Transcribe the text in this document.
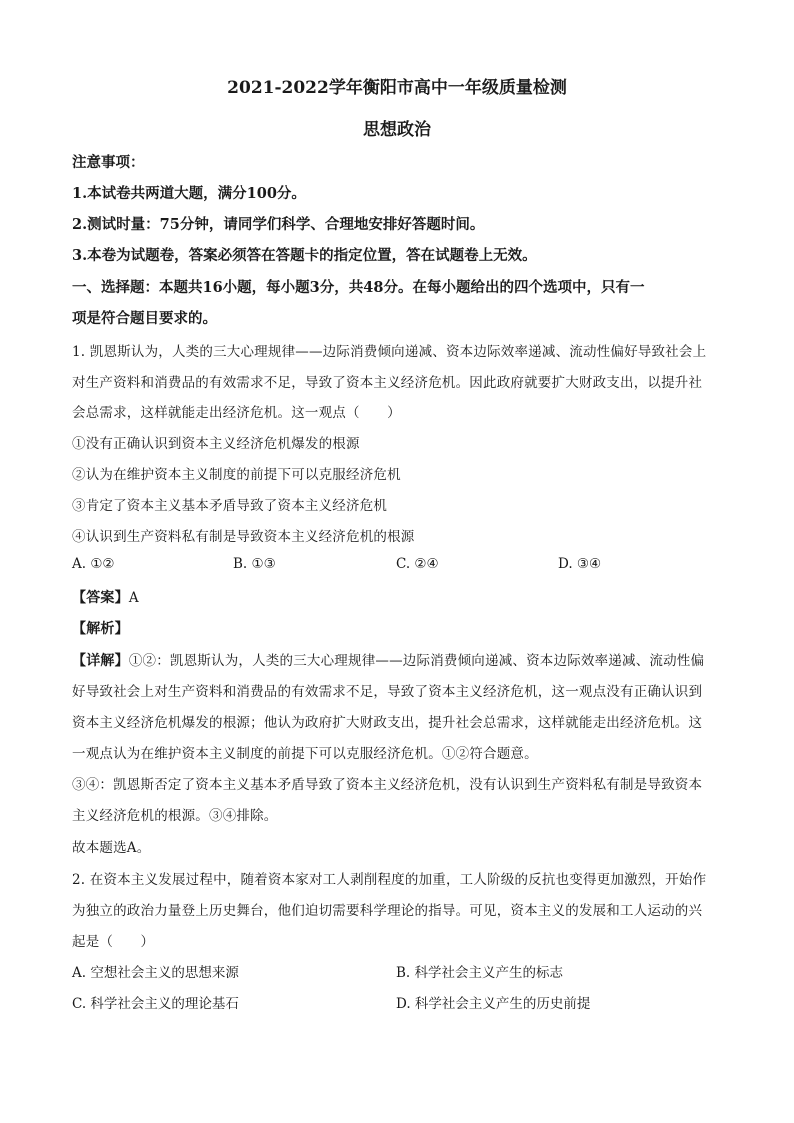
2021-2022学年衡阳市高中一年级质量检测
思想政治
注意事项：
1.本试卷共两道大题，满分100分。
2.测试时量：75分钟，请同学们科学、合理地安排好答题时间。
3.本卷为试题卷，答案必须答在答题卡的指定位置，答在试题卷上无效。
一、选择题：本题共16小题，每小题3分，共48分。在每小题给出的四个选项中，只有一
项是符合题目要求的。
1. 凯恩斯认为，人类的三大心理规律——边际消费倾向递减、资本边际效率递减、流动性偏好导致社会上
对生产资料和消费品的有效需求不足，导致了资本主义经济危机。因此政府就要扩大财政支出，以提升社
会总需求，这样就能走出经济危机。这一观点（　　）
①没有正确认识到资本主义经济危机爆发的根源
②认为在维护资本主义制度的前提下可以克服经济危机
③肯定了资本主义基本矛盾导致了资本主义经济危机
④认识到生产资料私有制是导致资本主义经济危机的根源
A. ①②	B. ①③	C. ②④	D. ③④
【答案】A
【解析】
【详解】①②：凯恩斯认为，人类的三大心理规律——边际消费倾向递减、资本边际效率递减、流动性偏
好导致社会上对生产资料和消费品的有效需求不足，导致了资本主义经济危机，这一观点没有正确认识到
资本主义经济危机爆发的根源；他认为政府扩大财政支出，提升社会总需求，这样就能走出经济危机。这
一观点认为在维护资本主义制度的前提下可以克服经济危机。①②符合题意。
③④：凯恩斯否定了资本主义基本矛盾导致了资本主义经济危机，没有认识到生产资料私有制是导致资本
主义经济危机的根源。③④排除。
故本题选A。
2. 在资本主义发展过程中，随着资本家对工人剥削程度的加重，工人阶级的反抗也变得更加激烈，开始作
为独立的政治力量登上历史舞台，他们迫切需要科学理论的指导。可见，资本主义的发展和工人运动的兴
起是（　　）
A. 空想社会主义的思想来源	B. 科学社会主义产生的标志
C. 科学社会主义的理论基石	D. 科学社会主义产生的历史前提
